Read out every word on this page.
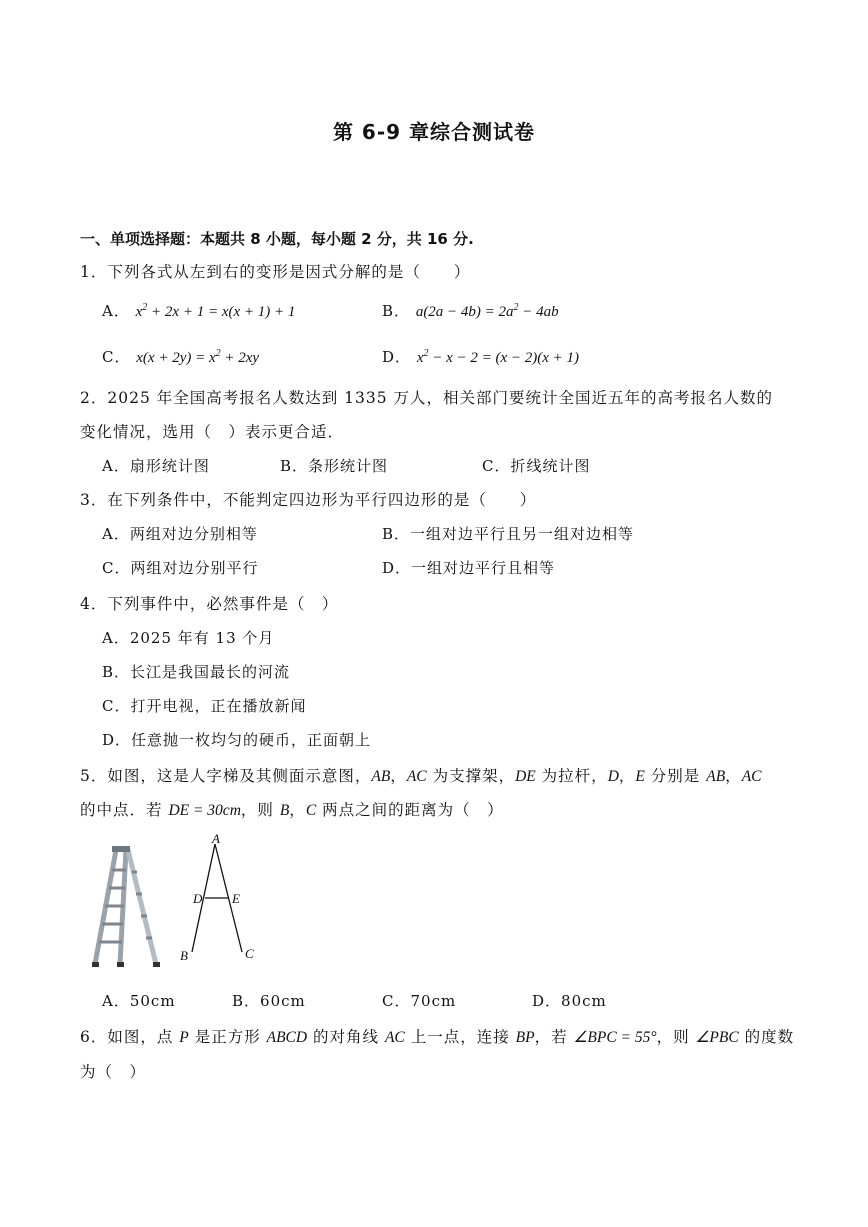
第 6-9 章综合测试卷
一、单项选择题：本题共 8 小题，每小题 2 分，共 16 分.
1．下列各式从左到右的变形是因式分解的是（　　）
A． $x^2 + 2x + 1 = x(x + 1) + 1$	B． $a(2a - 4b) = 2a^2 - 4ab$
C． $x(x + 2y) = x^2 + 2xy$	D． $x^2 - x - 2 = (x - 2)(x + 1)$
2．2025 年全国高考报名人数达到 1335 万人，相关部门要统计全国近五年的高考报名人数的
变化情况，选用（　）表示更合适．
A．扇形统计图	B．条形统计图	C．折线统计图
3．在下列条件中，不能判定四边形为平行四边形的是（　　）
A．两组对边分别相等	B．一组对边平行且另一组对边相等
C．两组对边分别平行	D．一组对边平行且相等
4．下列事件中，必然事件是（　）
A．2025 年有 13 个月
B．长江是我国最长的河流
C．打开电视，正在播放新闻
D．任意抛一枚均匀的硬币，正面朝上
5．如图，这是人字梯及其侧面示意图，AB，AC 为支撑架，DE 为拉杆，D，E 分别是 AB，AC
的中点．若 DE = 30cm，则 B，C 两点之间的距离为（　）
A
D E
B	C
A．50cm	B．60cm	C．70cm	D．80cm
6．如图，点 P 是正方形 ABCD 的对角线 AC 上一点，连接 BP，若 ∠BPC = 55°，则 ∠PBC 的度数
为（　）
